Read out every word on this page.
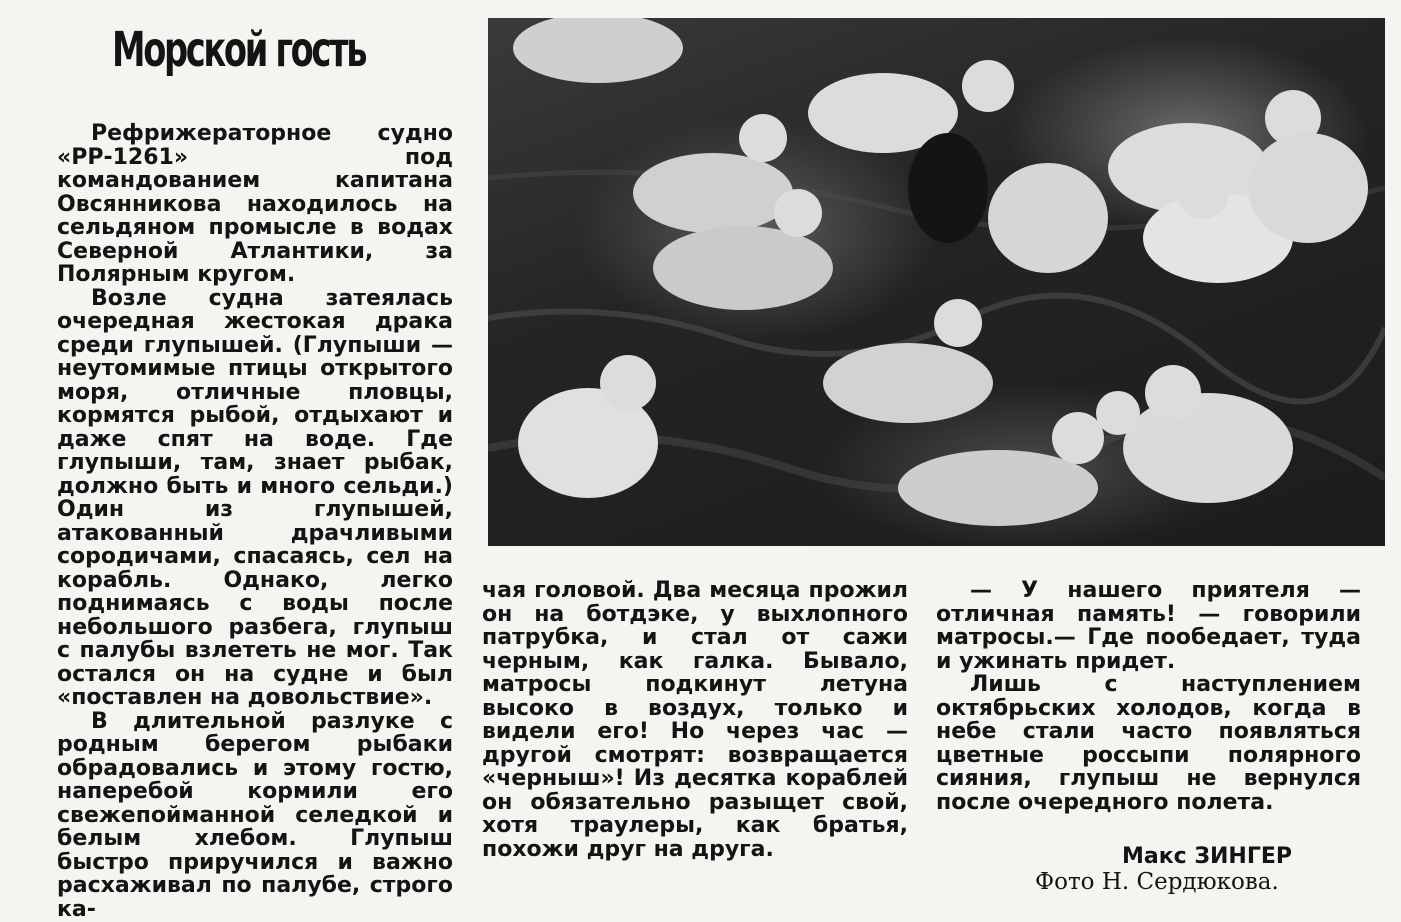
Морской гость

Рефрижераторное судно «РР-1261» под командованием капитана Овсянникова находилось на сельдяном промысле в водах Северной Атлантики, за Полярным кругом.

Возле судна затеялась очередная жестокая драка среди глупышей. (Глупыши — неутомимые птицы открытого моря, отличные пловцы, кормятся рыбой, отдыхают и даже спят на воде. Где глупыши, там, знает рыбак, должно быть и много сельди.) Один из глупышей, атакованный драчливыми сородичами, спасаясь, сел на корабль. Однако, легко поднимаясь с воды после небольшого разбега, глупыш с палубы взлететь не мог. Так остался он на судне и был «поставлен на довольствие».

В длительной разлуке с родным берегом рыбаки обрадовались и этому гостю, наперебой кормили его свежепойманной селедкой и белым хлебом. Глупыш быстро приручился и важно расхаживал по палубе, строго ка-

чая головой. Два месяца прожил он на ботдэке, у выхлопного патрубка, и стал от сажи черным, как галка. Бывало, матросы подкинут летуна высоко в воздух, только и видели его! Но через час — другой смотрят: возвращается «черныш»! Из десятка кораблей он обязательно разыщет свой, хотя траулеры, как братья, похожи друг на друга.

— У нашего приятеля — отличная память! — говорили матросы.— Где пообедает, туда и ужинать придет.

Лишь с наступлением октябрьских холодов, когда в небе стали часто появляться цветные россыпи полярного сияния, глупыш не вернулся после очередного полета.

Макс ЗИНГЕР
Фото Н. Сердюкова.
